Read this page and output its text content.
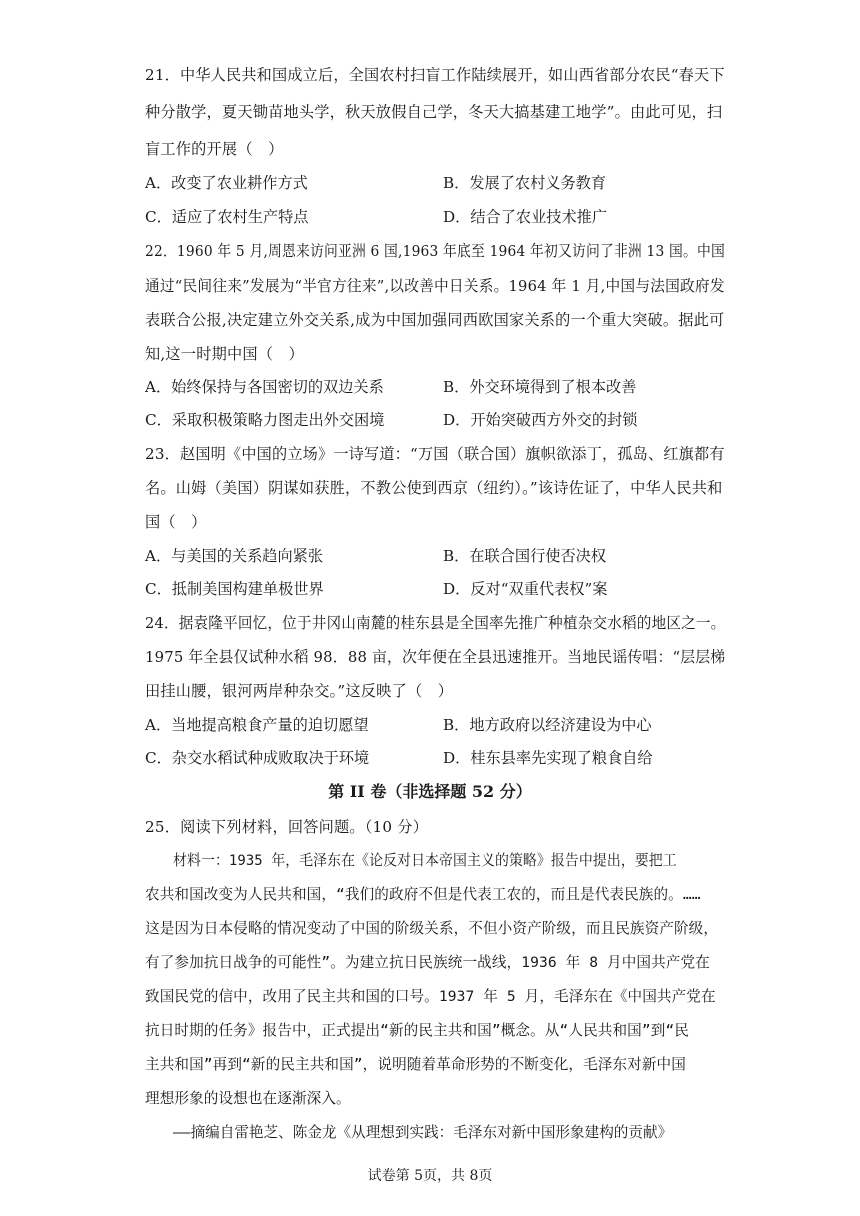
21．中华人民共和国成立后，全国农村扫盲工作陆续展开，如山西省部分农民“春天下
种分散学，夏天锄苗地头学，秋天放假自己学，冬天大搞基建工地学”。由此可见，扫
盲工作的开展（　）
A．改变了农业耕作方式	B．发展了农村义务教育
C．适应了农村生产特点	D．结合了农业技术推广
22．1960 年 5 月,周恩来访问亚洲 6 国,1963 年底至 1964 年初又访问了非洲 13 国。中国
通过“民间往来”发展为“半官方往来”,以改善中日关系。1964 年 1 月,中国与法国政府发
表联合公报,决定建立外交关系,成为中国加强同西欧国家关系的一个重大突破。据此可
知,这一时期中国（　）
A．始终保持与各国密切的双边关系	B．外交环境得到了根本改善
C．采取积极策略力图走出外交困境	D．开始突破西方外交的封锁
23．赵国明《中国的立场》一诗写道：“万国（联合国）旗帜欲添丁，孤岛、红旗都有
名。山姆（美国）阴谋如获胜，不教公使到西京（纽约）。”该诗佐证了，中华人民共和
国（　）
A．与美国的关系趋向紧张	B．在联合国行使否决权
C．抵制美国构建单极世界	D．反对“双重代表权”案
24．据袁隆平回忆，位于井冈山南麓的桂东县是全国率先推广种植杂交水稻的地区之一。
1975 年全县仅试种水稻 98．88 亩，次年便在全县迅速推开。当地民谣传唱：“层层梯
田挂山腰，银河两岸种杂交。”这反映了（　）
A．当地提高粮食产量的迫切愿望	B．地方政府以经济建设为中心
C．杂交水稻试种成败取决于环境	D．桂东县率先实现了粮食自给
第 II 卷（非选择题 52 分）
25．阅读下列材料，回答问题。（10 分）
材料一：1935 年，毛泽东在《论反对日本帝国主义的策略》报告中提出，要把工
农共和国改变为人民共和国，“我们的政府不但是代表工农的，而且是代表民族的。……
这是因为日本侵略的情况变动了中国的阶级关系，不但小资产阶级，而且民族资产阶级，
有了参加抗日战争的可能性”。为建立抗日民族统一战线，1936 年 8 月中国共产党在
致国民党的信中，改用了民主共和国的口号。1937 年 5 月，毛泽东在《中国共产党在
抗日时期的任务》报告中，正式提出“新的民主共和国”概念。从“人民共和国”到“民
主共和国”再到“新的民主共和国”，说明随着革命形势的不断变化，毛泽东对新中国
理想形象的设想也在逐渐深入。
——摘编自雷艳芝、陈金龙《从理想到实践：毛泽东对新中国形象建构的贡献》
试卷第 5页，共 8页
